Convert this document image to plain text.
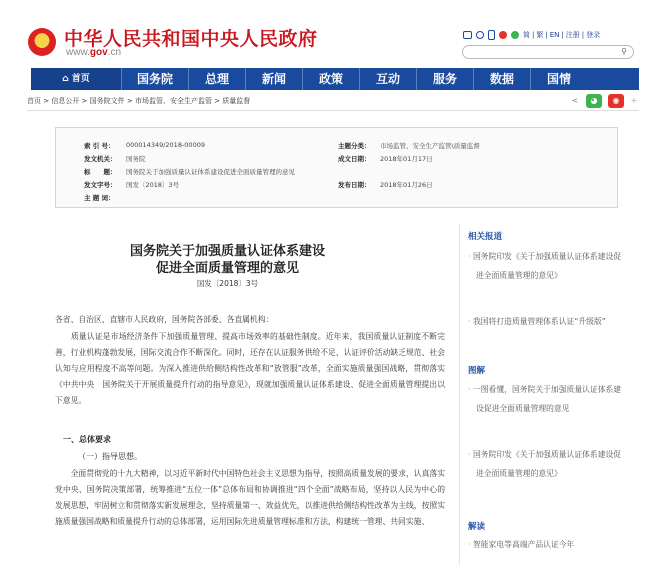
中华人民共和国中央人民政府
www.gov.cn
简 | 繁 | EN | 注册 | 登录
⚲
⌂ 首页	国务院	总理	新闻	政策	互动	服务	数据	国情
首页 > 信息公开 > 国务院文件 > 市场监管、安全生产监管 > 质量监督	<	◕	◉	+
索 引 号： 000014349/2018-00009
发文机关： 国务院
标　　题： 国务院关于加强质量认证体系建设促进全面质量管理的意见
发文字号： 国发〔2018〕3号
主 题 词：
主题分类： 市场监管、安全生产监管\质量监督
成文日期： 2018年01月17日
发布日期： 2018年01月26日
国务院关于加强质量认证体系建设
促进全面质量管理的意见
国发〔2018〕3号
各省、自治区、直辖市人民政府，国务院各部委、各直属机构：
　　质量认证是市场经济条件下加强质量管理、提高市场效率的基础性制度。近年来，我国质量认证制度不断完善，行业机构蓬勃发展，国际交流合作不断深化。同时，还存在认证服务供给不足、认证评价活动缺乏规范、社会认知与应用程度不高等问题。为深入推进供给侧结构性改革和“放管服”改革，全面实施质量强国战略，贯彻落实《中共中央　国务院关于开展质量提升行动的指导意见》，现就加强质量认证体系建设、促进全面质量管理提出以下意见。
一、总体要求
（一）指导思想。
　　全面贯彻党的十九大精神，以习近平新时代中国特色社会主义思想为指导，按照高质量发展的要求，认真落实党中央、国务院决策部署，统筹推进“五位一体”总体布局和协调推进“四个全面”战略布局，坚持以人民为中心的发展思想，牢固树立和贯彻落实新发展理念，坚持质量第一、效益优先，以推进供给侧结构性改革为主线，按照实施质量强国战略和质量提升行动的总体部署，运用国际先进质量管理标准和方法，构建统一管理、共同实施、
相关报道
· 国务院印发《关于加强质量认证体系建设促进全面质量管理的意见》
· 我国将打造质量管理体系认证“升级版”
图解
· 一图看懂，国务院关于加强质量认证体系建设促进全面质量管理的意见
· 国务院印发《关于加强质量认证体系建设促进全面质量管理的意见》
解读
· 智能家电等高端产品认证今年
